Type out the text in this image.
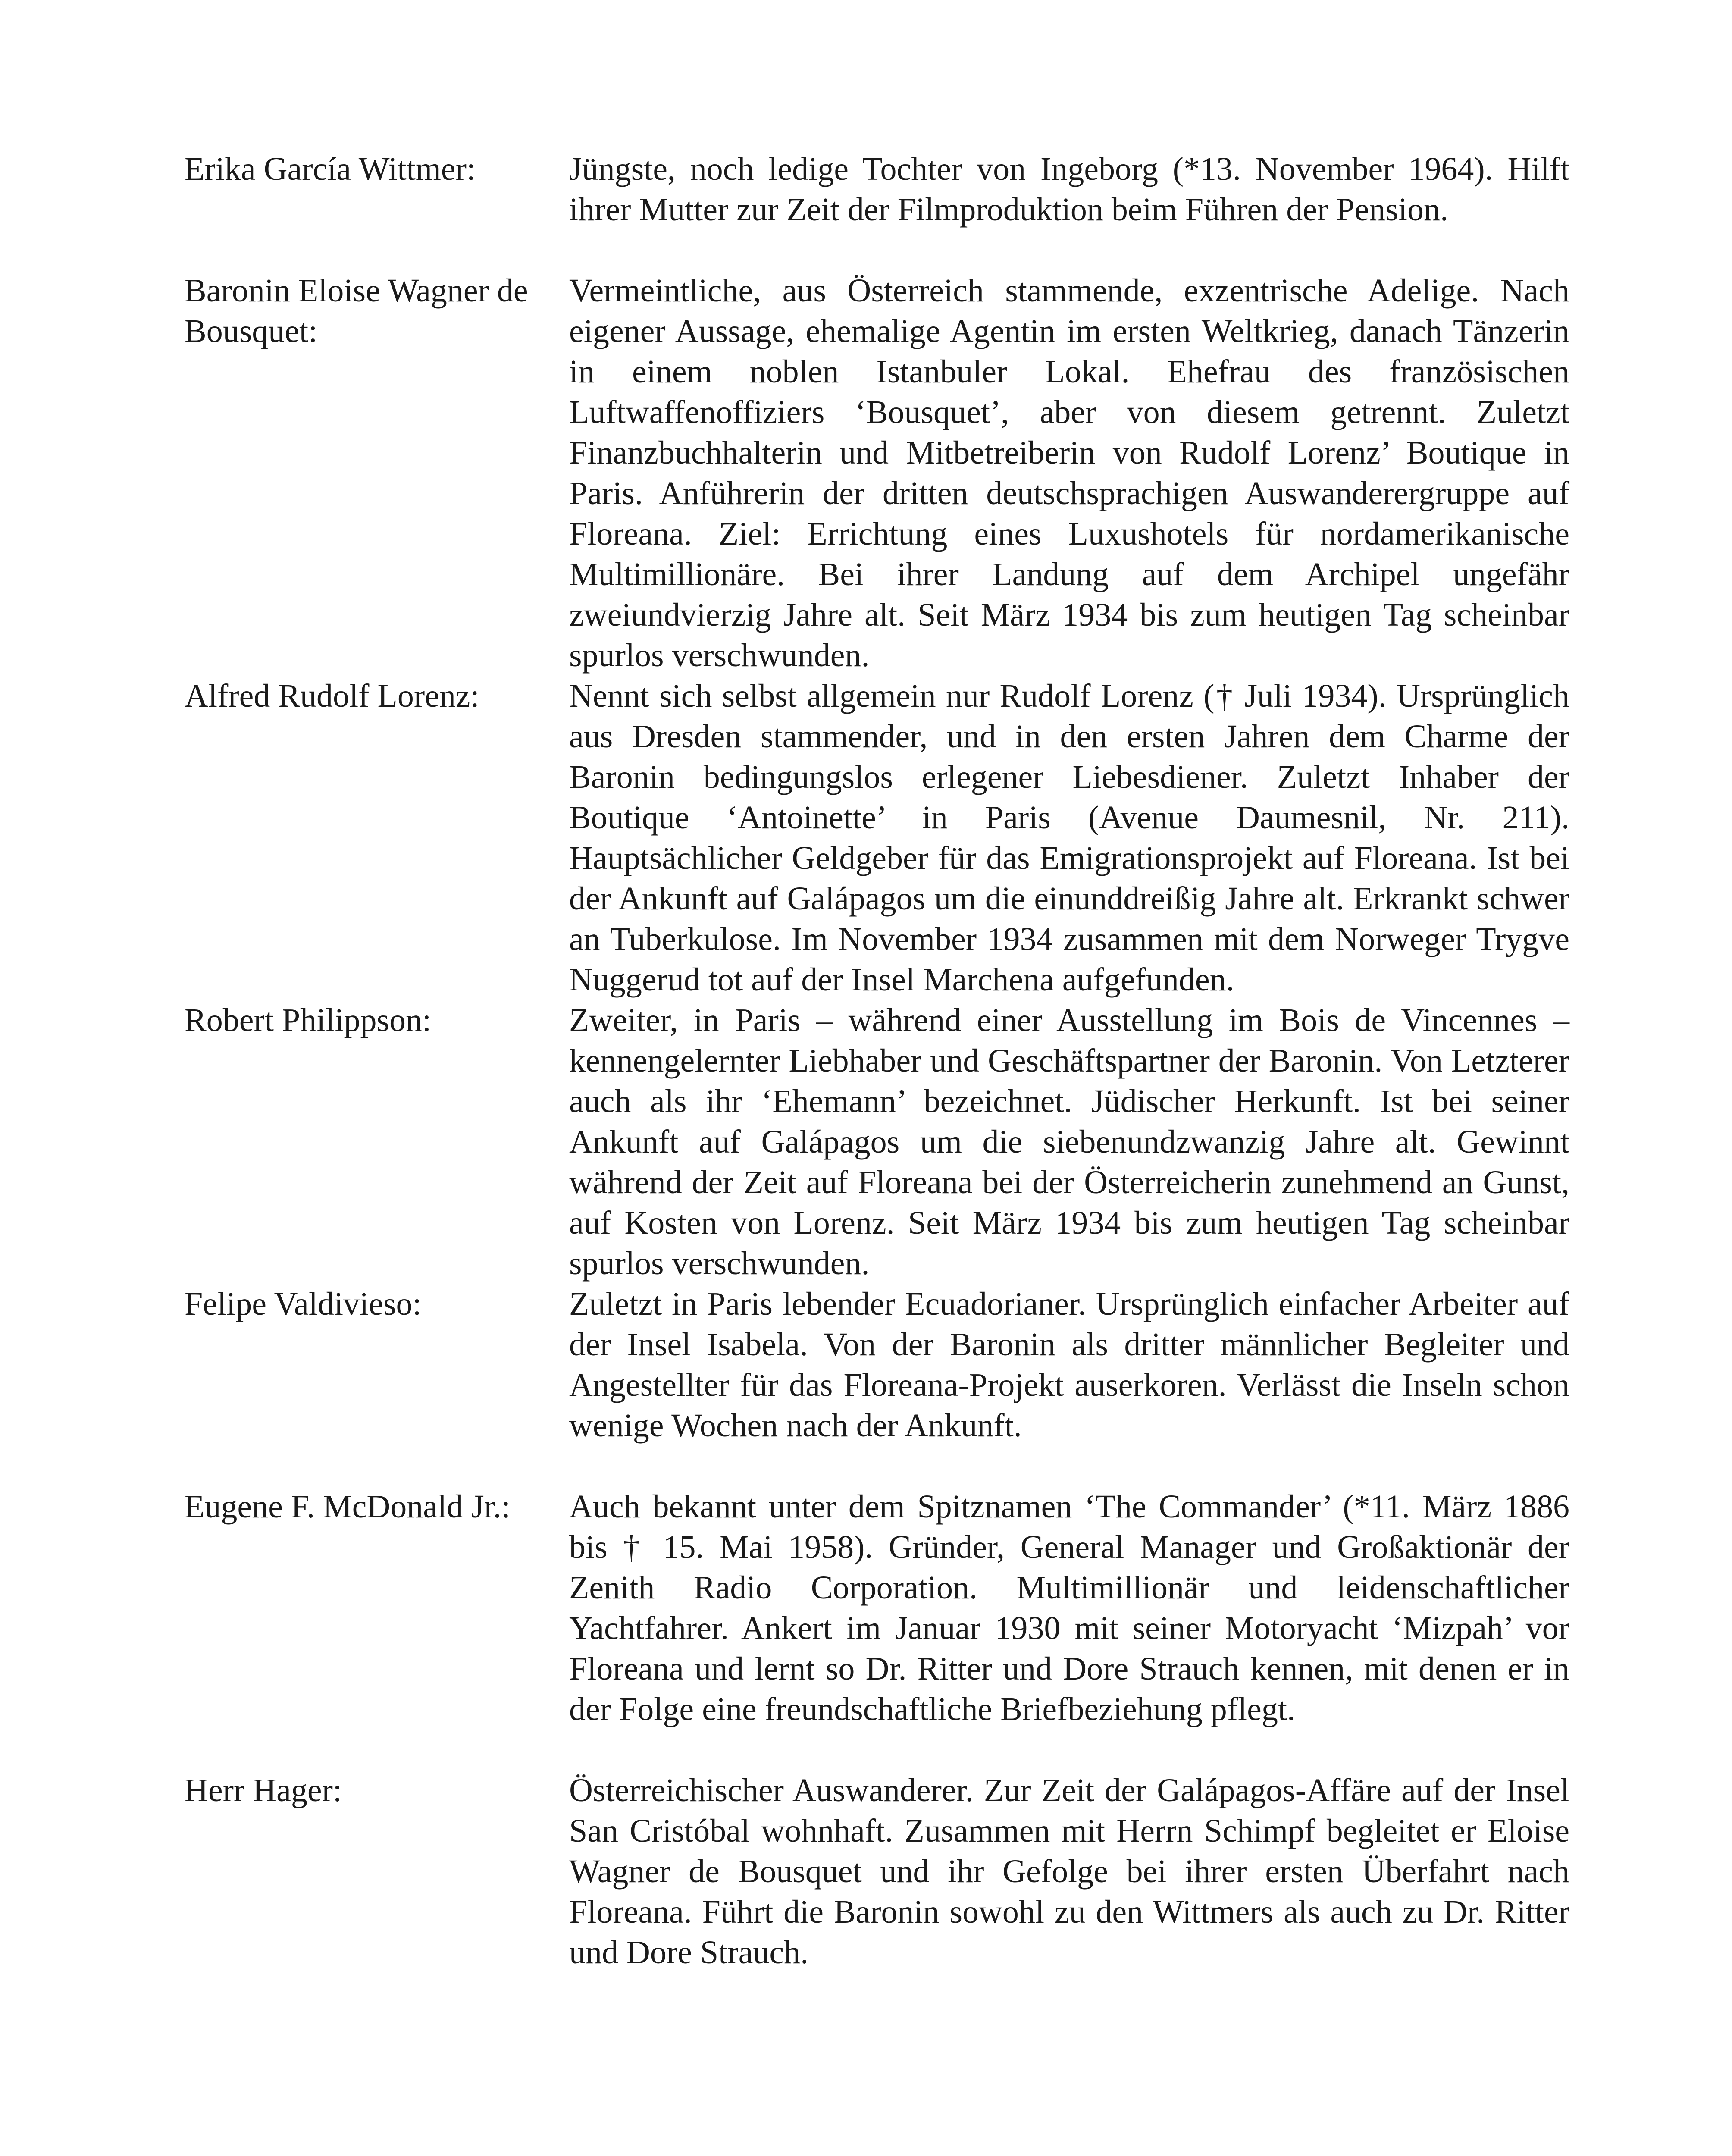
Erika García Wittmer:	Jüngste, noch ledige Tochter von Ingeborg (*13. November 1964). Hilft ihrer Mutter zur Zeit der Filmproduktion beim Führen der Pension.
Baronin Eloise Wagner de Bousquet:
Vermeintliche, aus Österreich stammende, exzentrische Adelige. Nach eigener Aussage, ehemalige Agentin im ersten Weltkrieg, danach Tänzerin in einem noblen Istanbuler Lokal. Ehefrau des französischen Luftwaffenoffiziers ‘Bousquet’, aber von diesem getrennt. Zuletzt Finanzbuchhalterin und Mitbetreiberin von Rudolf Lorenz’ Boutique in Paris. Anführerin der dritten deutschsprachigen Auswanderergruppe auf Floreana. Ziel: Errichtung eines Luxushotels für nordamerikanische Multimillionäre. Bei ihrer Landung auf dem Archipel ungefähr zweiundvierzig Jahre alt. Seit März 1934 bis zum heutigen Tag scheinbar spurlos verschwunden.
Alfred Rudolf Lorenz:	Nennt sich selbst allgemein nur Rudolf Lorenz († Juli 1934). Ursprünglich aus Dresden stammender, und in den ersten Jahren dem Charme der Baronin bedingungslos erlegener Liebesdiener. Zuletzt Inhaber der Boutique ‘Antoinette’ in Paris (Avenue Daumesnil, Nr. 211). Hauptsächlicher Geldgeber für das Emigrationsprojekt auf Floreana. Ist bei der Ankunft auf Galápagos um die einunddreißig Jahre alt. Erkrankt schwer an Tuberkulose. Im November 1934 zusammen mit dem Norweger Trygve Nuggerud tot auf der Insel Marchena aufgefunden.
Robert Philippson:	Zweiter, in Paris – während einer Ausstellung im Bois de Vincennes – kennengelernter Liebhaber und Geschäftspartner der Baronin. Von Letzterer auch als ihr ‘Ehemann’ bezeichnet. Jüdischer Herkunft. Ist bei seiner Ankunft auf Galápagos um die siebenundzwanzig Jahre alt. Gewinnt während der Zeit auf Floreana bei der Österreicherin zunehmend an Gunst, auf Kosten von Lorenz. Seit März 1934 bis zum heutigen Tag scheinbar spurlos verschwunden.
Felipe Valdivieso:	Zuletzt in Paris lebender Ecuadorianer. Ursprünglich einfacher Arbeiter auf der Insel Isabela. Von der Baronin als dritter männlicher Begleiter und Angestellter für das Floreana-Projekt auserkoren. Verlässt die Inseln schon wenige Wochen nach der Ankunft.
Eugene F. McDonald Jr.:	Auch bekannt unter dem Spitznamen ‘The Commander’ (*11. März 1886 bis † 15. Mai 1958). Gründer, General Manager und Großaktionär der Zenith Radio Corporation. Multimillionär und leidenschaftlicher Yachtfahrer. Ankert im Januar 1930 mit seiner Motoryacht ‘Mizpah’ vor Floreana und lernt so Dr. Ritter und Dore Strauch kennen, mit denen er in der Folge eine freundschaftliche Briefbeziehung pflegt.
Herr Hager:	Österreichischer Auswanderer. Zur Zeit der Galápagos-Affäre auf der Insel San Cristóbal wohnhaft. Zusammen mit Herrn Schimpf begleitet er Eloise Wagner de Bousquet und ihr Gefolge bei ihrer ersten Überfahrt nach Floreana. Führt die Baronin sowohl zu den Wittmers als auch zu Dr. Ritter und Dore Strauch.
